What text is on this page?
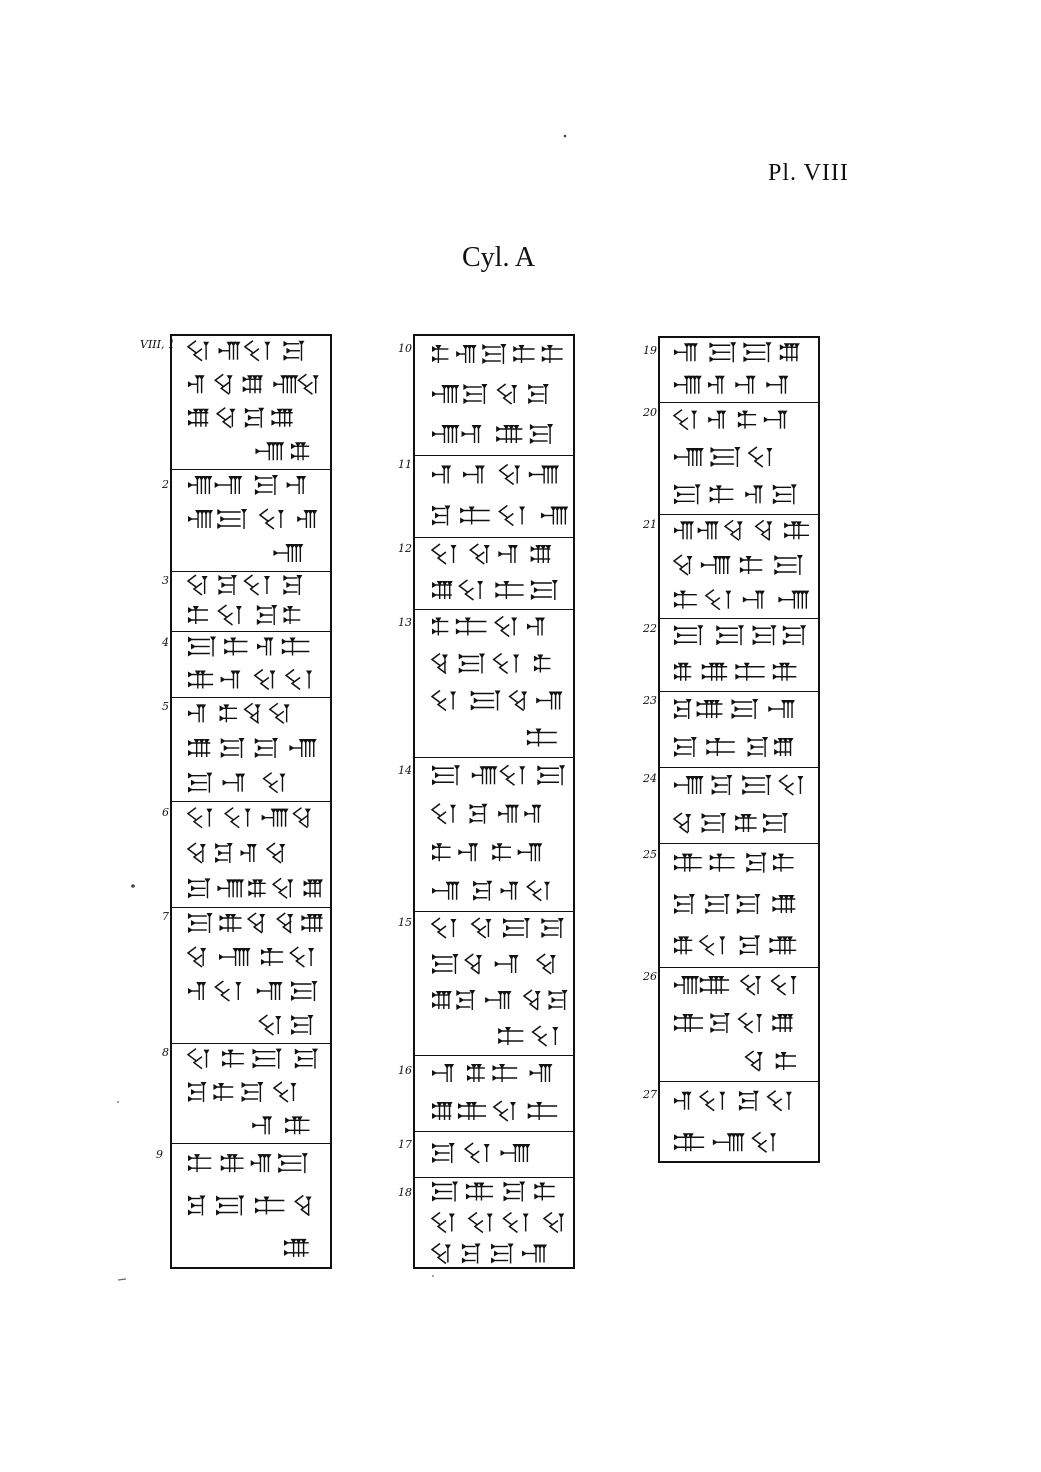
Pl. VIII
Cyl. A
VIII, 1
2
3
4
5
6
7
8
9
10
11
12
13
14
15
16
17
18
19
20
21
22
23
24
25
26
27
